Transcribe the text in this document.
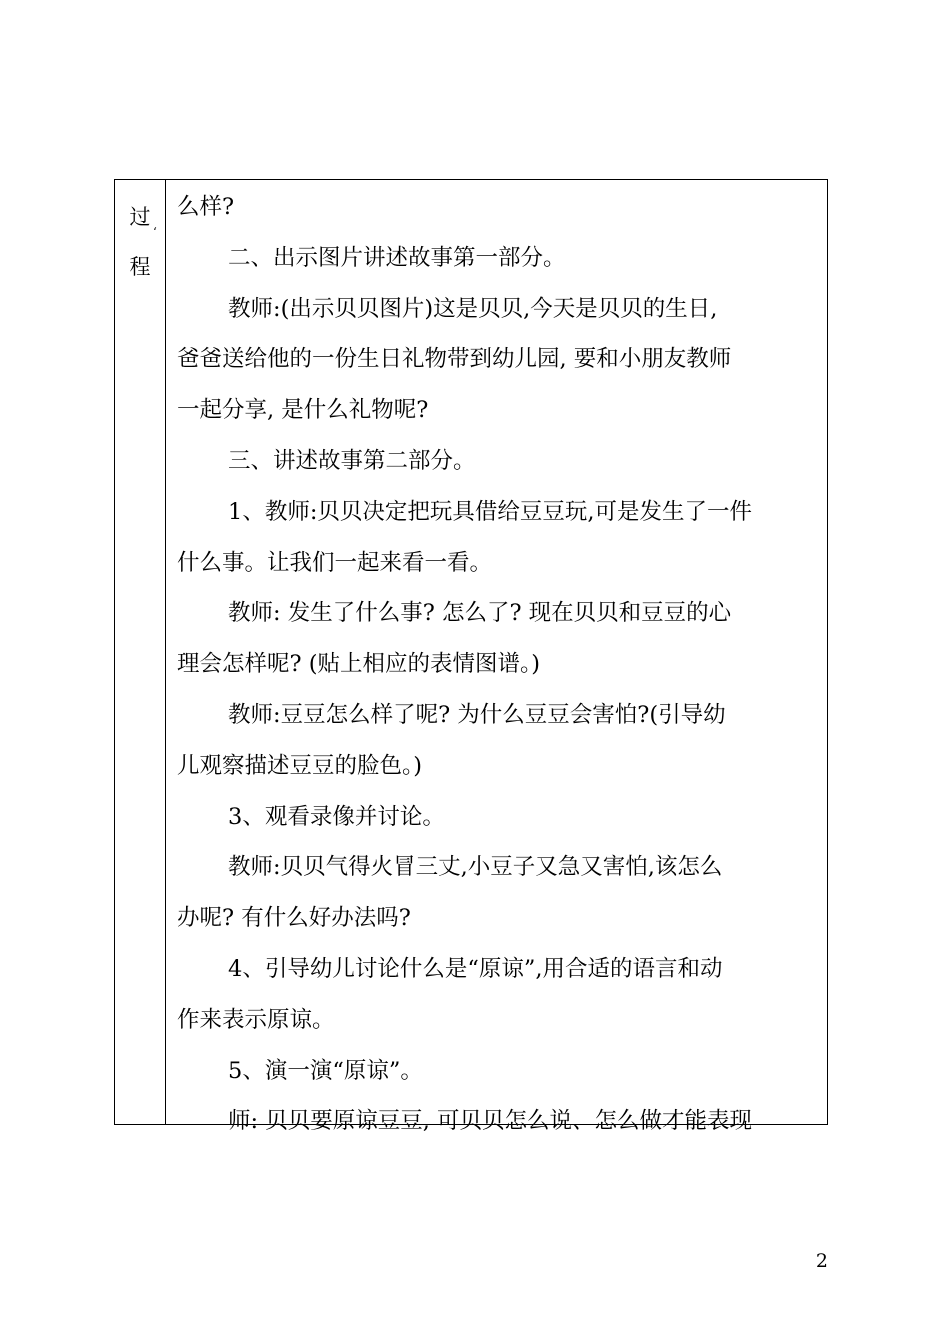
过
‘
程
么样?
二、出示图片讲述故事第一部分。
教师:(出示贝贝图片)这是贝贝,今天是贝贝的生日,
爸爸送给他的一份生日礼物带到幼儿园, 要和小朋友教师
一起分享, 是什么礼物呢?
三、讲述故事第二部分。
1、教师:贝贝决定把玩具借给豆豆玩,可是发生了一件
什么事。让我们一起来看一看。
教师: 发生了什么事? 怎么了? 现在贝贝和豆豆的心
理会怎样呢? (贴上相应的表情图谱。)
教师:豆豆怎么样了呢? 为什么豆豆会害怕?(引导幼
儿观察描述豆豆的脸色。)
3、观看录像并讨论。
教师:贝贝气得火冒三丈,小豆子又急又害怕,该怎么
办呢? 有什么好办法吗?
4、引导幼儿讨论什么是“原谅”,用合适的语言和动
作来表示原谅。
5、演一演“原谅”。
师: 贝贝要原谅豆豆, 可贝贝怎么说、怎么做才能表现
2
